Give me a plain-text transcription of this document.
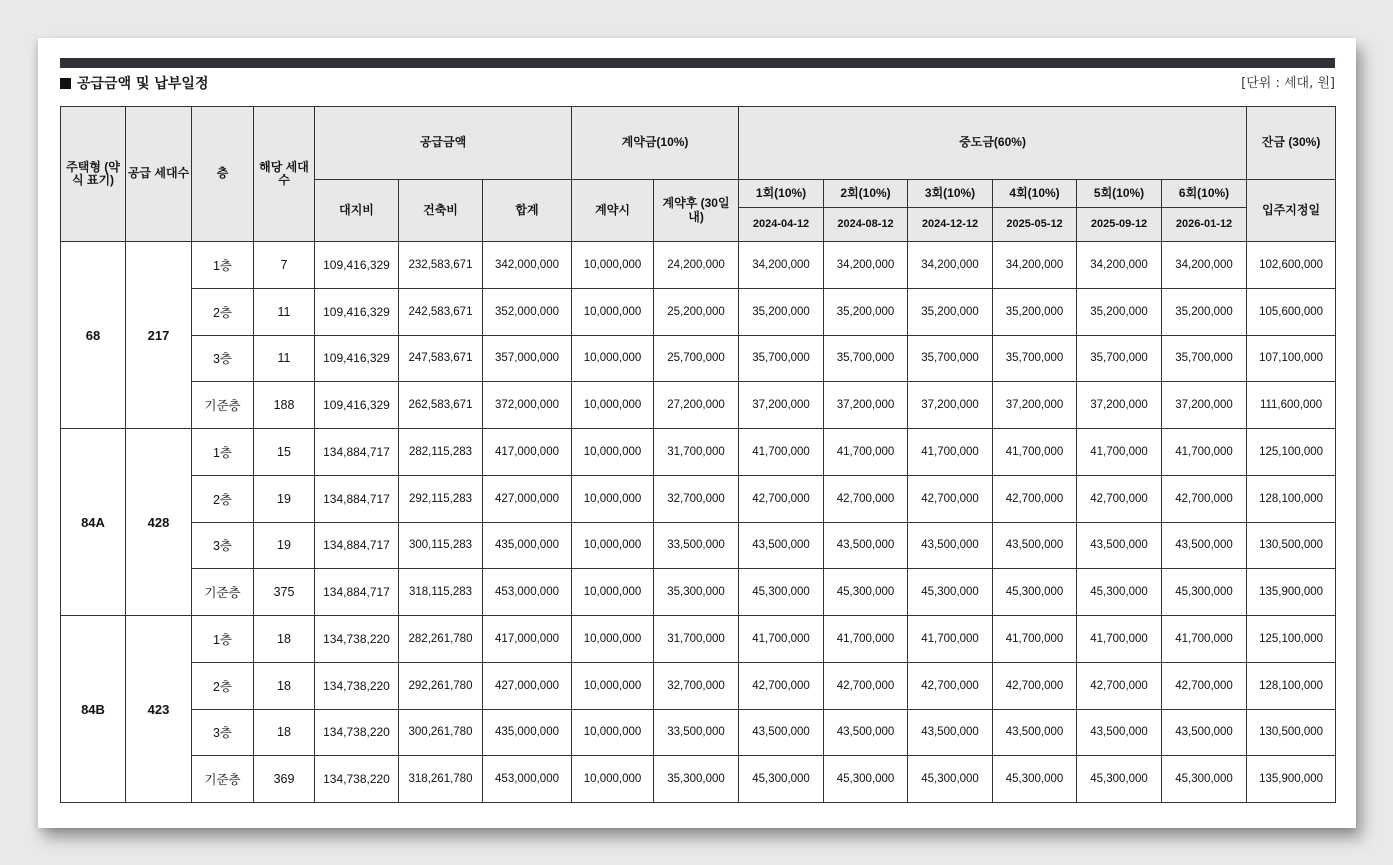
공급금액 및 납부일정	[단위 : 세대, 원]
주택형 (약식 표기)	공급 세대수	층	해당 세대수	공급금액			계약금(10%)		중도금(60%)						잔금 (30%)
				대지비	건축비	합계	계약시	계약후 (30일 내)	1회(10%)	2회(10%)	3회(10%)	4회(10%)	5회(10%)	6회(10%)	입주지정일
									2024-04-12	2024-08-12	2024-12-12	2025-05-12	2025-09-12	2026-01-12	
68	217	1층	7	109,416,329	232,583,671	342,000,000	10,000,000	24,200,000	34,200,000	34,200,000	34,200,000	34,200,000	34,200,000	34,200,000	102,600,000
		2층	11	109,416,329	242,583,671	352,000,000	10,000,000	25,200,000	35,200,000	35,200,000	35,200,000	35,200,000	35,200,000	35,200,000	105,600,000
		3층	11	109,416,329	247,583,671	357,000,000	10,000,000	25,700,000	35,700,000	35,700,000	35,700,000	35,700,000	35,700,000	35,700,000	107,100,000
		기준층	188	109,416,329	262,583,671	372,000,000	10,000,000	27,200,000	37,200,000	37,200,000	37,200,000	37,200,000	37,200,000	37,200,000	111,600,000
84A	428	1층	15	134,884,717	282,115,283	417,000,000	10,000,000	31,700,000	41,700,000	41,700,000	41,700,000	41,700,000	41,700,000	41,700,000	125,100,000
		2층	19	134,884,717	292,115,283	427,000,000	10,000,000	32,700,000	42,700,000	42,700,000	42,700,000	42,700,000	42,700,000	42,700,000	128,100,000
		3층	19	134,884,717	300,115,283	435,000,000	10,000,000	33,500,000	43,500,000	43,500,000	43,500,000	43,500,000	43,500,000	43,500,000	130,500,000
		기준층	375	134,884,717	318,115,283	453,000,000	10,000,000	35,300,000	45,300,000	45,300,000	45,300,000	45,300,000	45,300,000	45,300,000	135,900,000
84B	423	1층	18	134,738,220	282,261,780	417,000,000	10,000,000	31,700,000	41,700,000	41,700,000	41,700,000	41,700,000	41,700,000	41,700,000	125,100,000
		2층	18	134,738,220	292,261,780	427,000,000	10,000,000	32,700,000	42,700,000	42,700,000	42,700,000	42,700,000	42,700,000	42,700,000	128,100,000
		3층	18	134,738,220	300,261,780	435,000,000	10,000,000	33,500,000	43,500,000	43,500,000	43,500,000	43,500,000	43,500,000	43,500,000	130,500,000
		기준층	369	134,738,220	318,261,780	453,000,000	10,000,000	35,300,000	45,300,000	45,300,000	45,300,000	45,300,000	45,300,000	45,300,000	135,900,000
